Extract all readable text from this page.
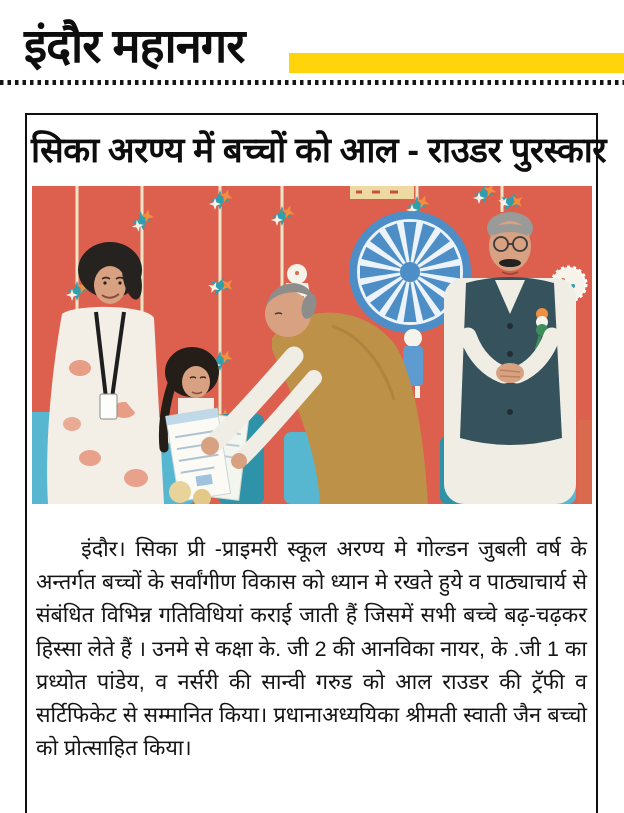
इंदौर महानगर
सिका अरण्य में बच्चों को आल - राउडर पुरस्कार

इंदौर। सिका प्री -प्राइमरी स्कूल अरण्य मे गोल्डन जुबली वर्ष के अन्तर्गत बच्चों के सर्वांगीण विकास को ध्यान मे रखते हुये व पाठ्याचार्य से संबंधित विभिन्न गतिविधियां कराई जाती हैं जिसमें सभी बच्चे बढ़-चढ़कर हिस्सा लेते हैं । उनमे से कक्षा के. जी 2 की आनविका नायर, के .जी 1 का प्रध्योत पांडेय, व नर्सरी की सान्वी गरुड को आल राउडर की ट्रॅफी व सर्टिफिकेट से सम्मानित किया। प्रधानाअध्ययिका श्रीमती स्वाती जैन बच्चो को प्रोत्साहित किया।
